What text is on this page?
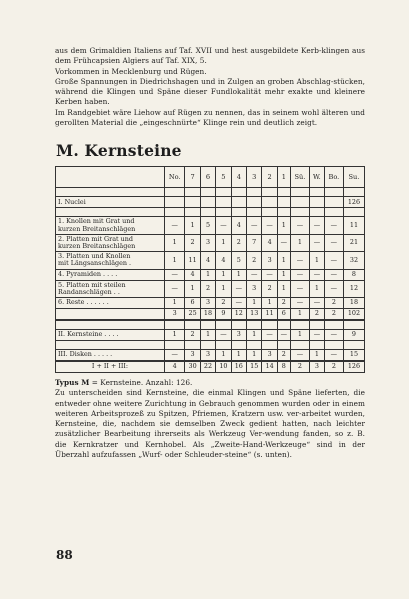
aus dem Grimaldien Italiens auf Taf. XVII und hest ausgebildete Kerb-klingen aus dem Frühcapsien Algiers auf Taf. XIX, 5.

Vorkommen in Mecklenburg und Rügen.

Große Spannungen in Diedrichshagen und in Zulgen an groben Abschlag-stücken, während die Klingen und Späne dieser Fundlokalität mehr exakte und kleinere Kerben haben.

Im Randgebiet wäre Liehow auf Rügen zu nennen, das in seinem wohl älteren und gerollten Material die „eingeschnürte“ Klinge rein und deutlich zeigt.

M. Kernsteine
	No.	7	6	5	4	3	2	1	Sü.	W.	Bo.	Su.

I. Nuclei												126

1. Knollen mit Grat und
kurzen Breitanschlägen	—	1	5	—	4	—	—	1	—	—	—	11

2. Platten mit Grat und
kurzen Breitanschlägen	1	2	3	1	2	7	4	—	1	—	—	21

3. Platten und Knollen
mit Längsanschlägen .	1	11	4	4	5	2	3	1	—	1	—	32

4. Pyramiden . . . .	—	4	1	1	1	—	—	1	—	—	—	8

5. Platten mit steilen
Randanschlägen . .	—	1	2	1	—	3	2	1	—	1	—	12

6. Reste . . . . . .	1	6	3	2	—	1	1	2	—	—	2	18
	3	25	18	9	12	13	11	6	1	2	2	102

II. Kernsteine . . . .	1	2	1	—	3	1	—	—	1	—	—	9

III. Disken . . . . .	—	3	3	1	1	1	3	2	—	1	—	15
I + II + III:	4	30	22	10	16	15	14	8	2	3	2	126

Typus M = Kernsteine. Anzahl: 126.

Zu unterscheiden sind Kernsteine, die einmal Klingen und Späne lieferten, die entweder ohne weitere Zurichtung in Gebrauch genommen wurden oder in einem weiteren Arbeitsprozeß zu Spitzen, Pfriemen, Kratzern usw. ver-arbeitet wurden, Kernsteine, die, nachdem sie demselben Zweck gedient hatten, nach leichter zusätzlicher Bearbeitung ihrerseits als Werkzeug Ver-wendung fanden, so z. B. die Kernkratzer und Kernhobel. Als „Zweite-Hand-Werkzeuge“ sind in der Überzahl aufzufassen „Wurf- oder Schleuder-steine“ (s. unten).

88
